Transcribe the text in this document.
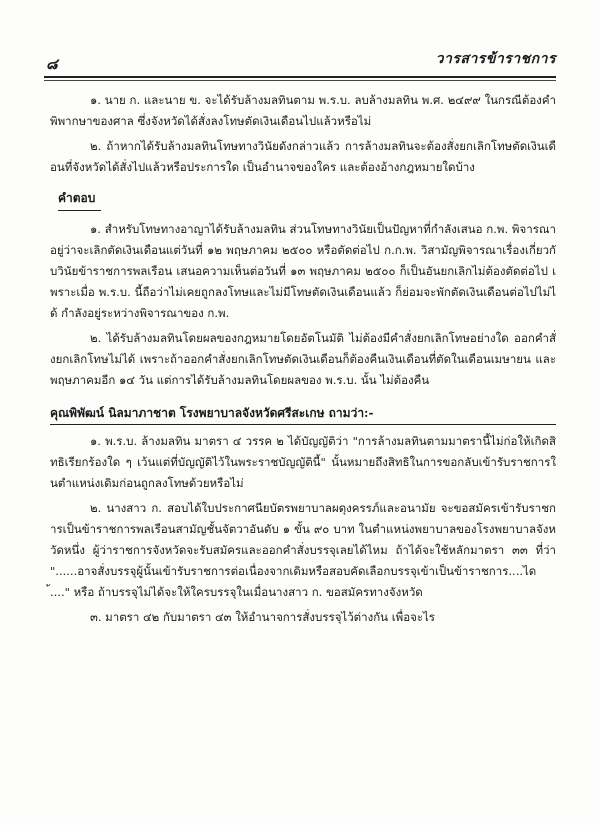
๘	วารสารข้าราชการ

๑. นาย ก. และนาย ข. จะได้รับล้างมลทินตาม พ.ร.บ. ลบล้างมลทิน พ.ศ. ๒๔๙๙ ในกรณีต้องคำพิพากษาของศาล ซึ่งจังหวัดได้สั่งลงโทษตัดเงินเดือนไปแล้วหรือไม่

๒. ถ้าหากได้รับล้างมลทินโทษทางวินัยดังกล่าวแล้ว การล้างมลทินจะต้องสั่งยกเลิกโทษตัดเงินเดือนที่จังหวัดได้สั่งไปแล้วหรือประการใด เป็นอำนาจของใคร และต้องอ้างกฎหมายใดบ้าง

คำตอบ

๑. สำหรับโทษทางอาญาได้รับล้างมลทิน ส่วนโทษทางวินัยเป็นปัญหาที่กำลังเสนอ ก.พ. พิจารณาอยู่ว่าจะเลิกตัดเงินเดือนแต่วันที่ ๑๒ พฤษภาคม ๒๕๐๐ หรือตัดต่อไป ก.ก.พ. วิสามัญพิจารณาเรื่องเกี่ยวกับวินัยข้าราชการพลเรือน เสนอความเห็นต่อวันที่ ๑๓ พฤษภาคม ๒๕๐๐ ก็เป็นอันยกเลิกไม่ต้องตัดต่อไป เพราะเมื่อ พ.ร.บ. นี้ถือว่าไม่เคยถูกลงโทษและไม่มีโทษตัดเงินเดือนแล้ว ก็ย่อมจะพักตัดเงินเดือนต่อไปไม่ได้ กำลังอยู่ระหว่างพิจารณาของ ก.พ.

๒. ได้รับล้างมลทินโดยผลของกฎหมายโดยอัตโนมัติ ไม่ต้องมีคำสั่งยกเลิกโทษอย่างใด ออกคำสั่งยกเลิกโทษไม่ได้ เพราะถ้าออกคำสั่งยกเลิกโทษตัดเงินเดือนก็ต้องคืนเงินเดือนที่ตัดในเดือนเมษายน และพฤษภาคมอีก ๑๔ วัน แต่การได้รับล้างมลทินโดยผลของ พ.ร.บ. นั้น ไม่ต้องคืน

คุณพิพัฒน์ นิลมาภาชาต โรงพยาบาลจังหวัดศรีสะเกษ ถามว่า:-

๑. พ.ร.บ. ล้างมลทิน มาตรา ๔ วรรค ๒ ได้บัญญัติว่า "การล้างมลทินตามมาตรานี้ไม่ก่อให้เกิดสิทธิเรียกร้องใด ๆ เว้นแต่ที่บัญญัติไว้ในพระราชบัญญัตินี้" นั้นหมายถึงสิทธิในการขอกลับเข้ารับราชการในตำแหน่งเดิมก่อนถูกลงโทษด้วยหรือไม่

๒. นางสาว ก. สอบได้ใบประกาศนียบัตรพยาบาลผดุงครรภ์และอนามัย จะขอสมัครเข้ารับราชการเป็นข้าราชการพลเรือนสามัญชั้นจัตวาอันดับ ๑ ขั้น ๙๐ บาท ในตำแหน่งพยาบาลของโรงพยาบาลจังหวัดหนึ่ง ผู้ว่าราชการจังหวัดจะรับสมัครและออกคำสั่งบรรจุเลยได้ไหม ถ้าได้จะใช้หลักมาตรา ๓๓ ที่ว่า "......อาจสั่งบรรจุผู้นั้นเข้ารับราชการต่อเนื่องจากเดิมหรือสอบคัดเลือกบรรจุเข้าเป็นข้าราชการ....ได้...." หรือ ถ้าบรรจุไม่ได้จะให้ใครบรรจุในเมื่อนางสาว ก. ขอสมัครทางจังหวัด

๓. มาตรา ๔๒ กับมาตรา ๔๓ ให้อำนาจการสั่งบรรจุไว้ต่างกัน เพื่อจะไร
